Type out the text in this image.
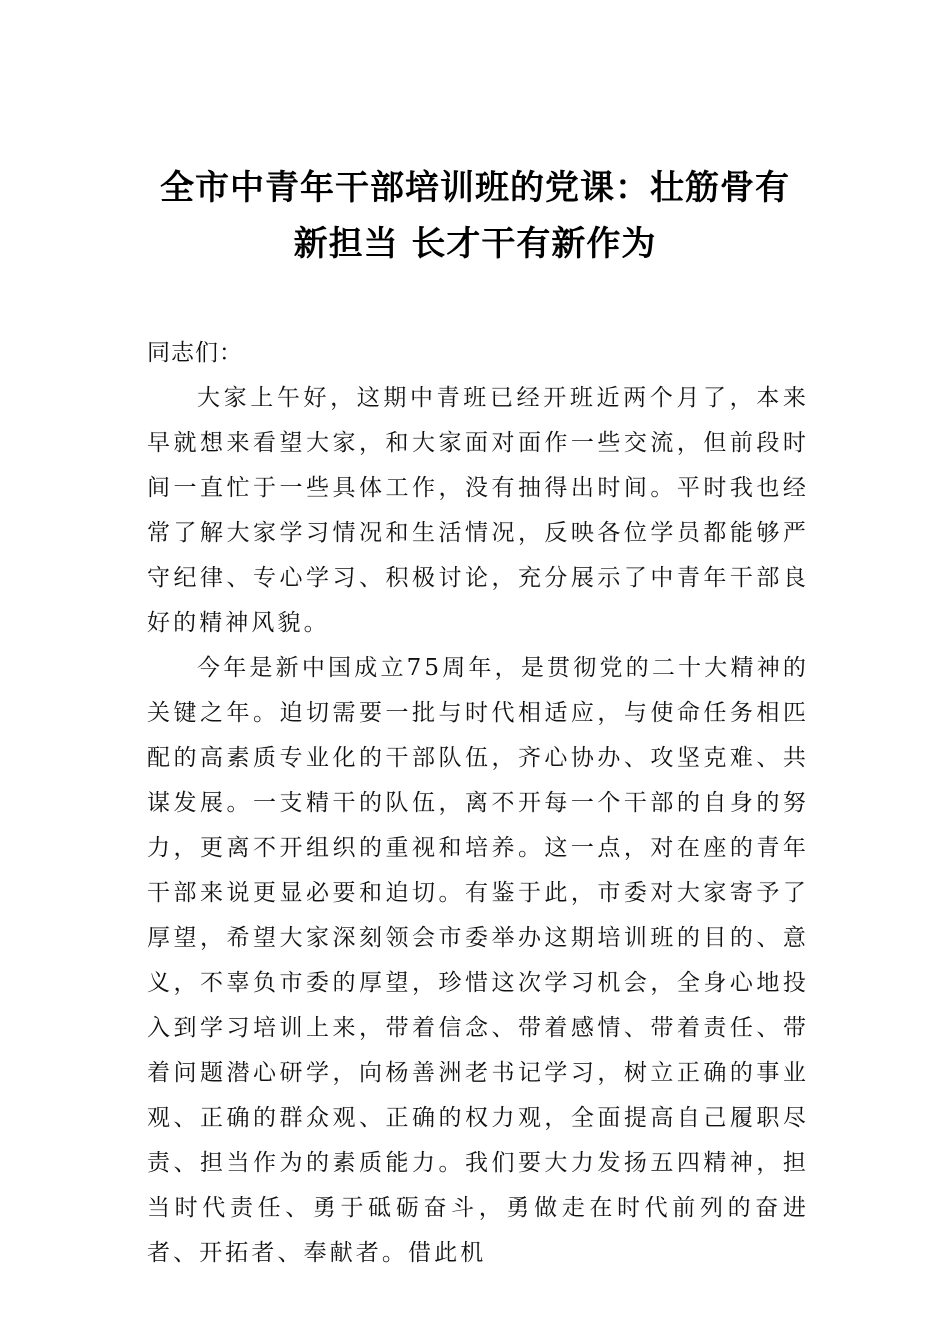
全市中青年干部培训班的党课：壮筋骨有
新担当 长才干有新作为

同志们：

大家上午好，这期中青班已经开班近两个月了，本来早就想来看望大家，和大家面对面作一些交流，但前段时间一直忙于一些具体工作，没有抽得出时间。平时我也经常了解大家学习情况和生活情况，反映各位学员都能够严守纪律、专心学习、积极讨论，充分展示了中青年干部良好的精神风貌。

今年是新中国成立75周年，是贯彻党的二十大精神的关键之年。迫切需要一批与时代相适应，与使命任务相匹配的高素质专业化的干部队伍，齐心协办、攻坚克难、共谋发展。一支精干的队伍，离不开每一个干部的自身的努力，更离不开组织的重视和培养。这一点，对在座的青年干部来说更显必要和迫切。有鉴于此，市委对大家寄予了厚望，希望大家深刻领会市委举办这期培训班的目的、意义，不辜负市委的厚望，珍惜这次学习机会，全身心地投入到学习培训上来，带着信念、带着感情、带着责任、带着问题潜心研学，向杨善洲老书记学习，树立正确的事业观、正确的群众观、正确的权力观，全面提高自己履职尽责、担当作为的素质能力。我们要大力发扬五四精神，担当时代责任、勇于砥砺奋斗，勇做走在时代前列的奋进者、开拓者、奉献者。借此机
